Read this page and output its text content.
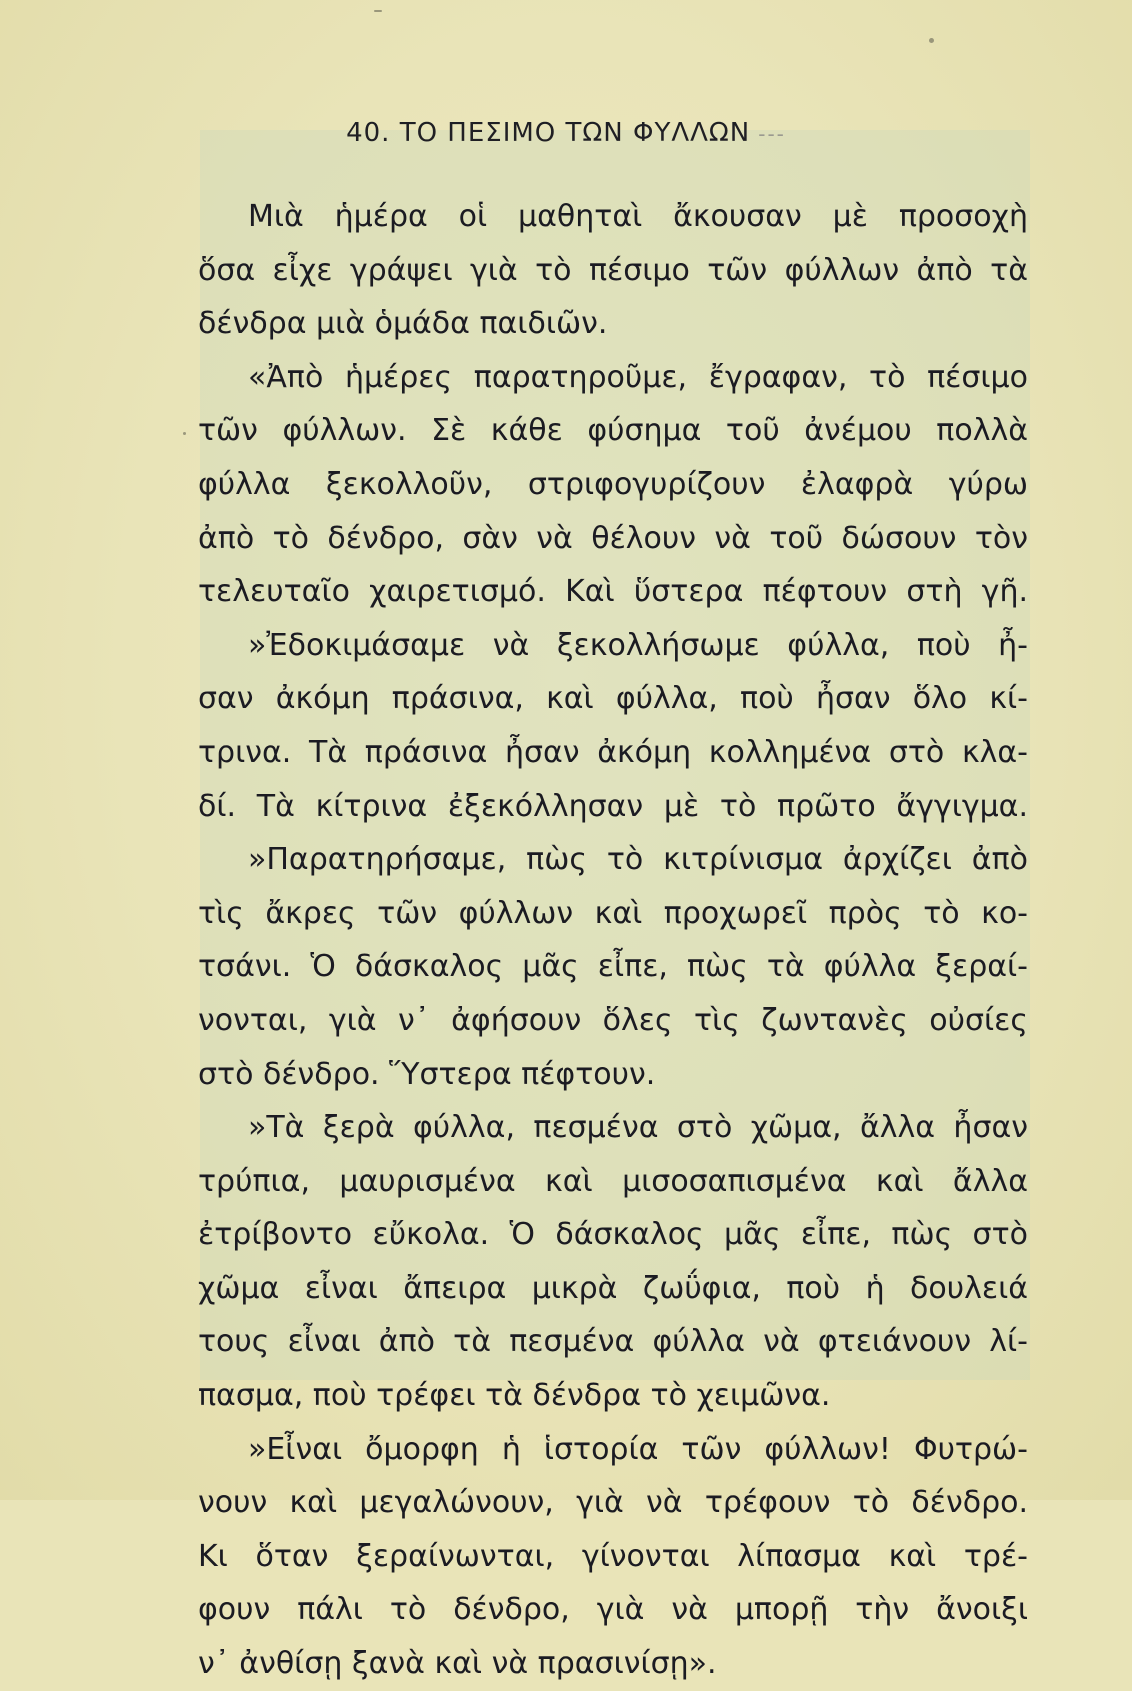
40. ΤΟ ΠΕΣΙΜΟ ΤΩΝ ΦΥΛΛΩΝ ---
Μιὰ ἡμέρα οἱ μαθηταὶ ἄκουσαν μὲ προσοχὴ
ὅσα εἶχε γράψει γιὰ τὸ πέσιμο τῶν φύλλων ἀπὸ τὰ
δένδρα μιὰ ὁμάδα παιδιῶν.
«Ἀπὸ ἡμέρες παρατηροῦμε, ἔγραφαν, τὸ πέσιμο
τῶν φύλλων. Σὲ κάθε φύσημα τοῦ ἀνέμου πολλὰ
φύλλα ξεκολλοῦν, στριφογυρίζουν ἐλαφρὰ γύρω
ἀπὸ τὸ δένδρο, σὰν νὰ θέλουν νὰ τοῦ δώσουν τὸν
τελευταῖο χαιρετισμό. Καὶ ὕστερα πέφτουν στὴ γῆ.
»Ἐδοκιμάσαμε νὰ ξεκολλήσωμε φύλλα, ποὺ ἦ-
σαν ἀκόμη πράσινα, καὶ φύλλα, ποὺ ἦσαν ὅλο κί-
τρινα. Τὰ πράσινα ἦσαν ἀκόμη κολλημένα στὸ κλα-
δί. Τὰ κίτρινα ἐξεκόλλησαν μὲ τὸ πρῶτο ἄγγιγμα.
»Παρατηρήσαμε, πὼς τὸ κιτρίνισμα ἀρχίζει ἀπὸ
τὶς ἄκρες τῶν φύλλων καὶ προχωρεῖ πρὸς τὸ κο-
τσάνι. Ὁ δάσκαλος μᾶς εἶπε, πὼς τὰ φύλλα ξεραί-
νονται, γιὰ ν᾽ ἀφήσουν ὅλες τὶς ζωντανὲς οὐσίες
στὸ δένδρο. Ὕστερα πέφτουν.
»Τὰ ξερὰ φύλλα, πεσμένα στὸ χῶμα, ἄλλα ἦσαν
τρύπια, μαυρισμένα καὶ μισοσαπισμένα καὶ ἄλλα
ἐτρίβοντο εὔκολα. Ὁ δάσκαλος μᾶς εἶπε, πὼς στὸ
χῶμα εἶναι ἄπειρα μικρὰ ζωΰφια, ποὺ ἡ δουλειά
τους εἶναι ἀπὸ τὰ πεσμένα φύλλα νὰ φτειάνουν λί-
πασμα, ποὺ τρέφει τὰ δένδρα τὸ χειμῶνα.
»Εἶναι ὄμορφη ἡ ἱστορία τῶν φύλλων! Φυτρώ-
νουν καὶ μεγαλώνουν, γιὰ νὰ τρέφουν τὸ δένδρο.
Κι ὅταν ξεραίνωνται, γίνονται λίπασμα καὶ τρέ-
φουν πάλι τὸ δένδρο, γιὰ νὰ μπορῇ τὴν ἄνοιξι
ν᾽ ἀνθίσῃ ξανὰ καὶ νὰ πρασινίσῃ».
